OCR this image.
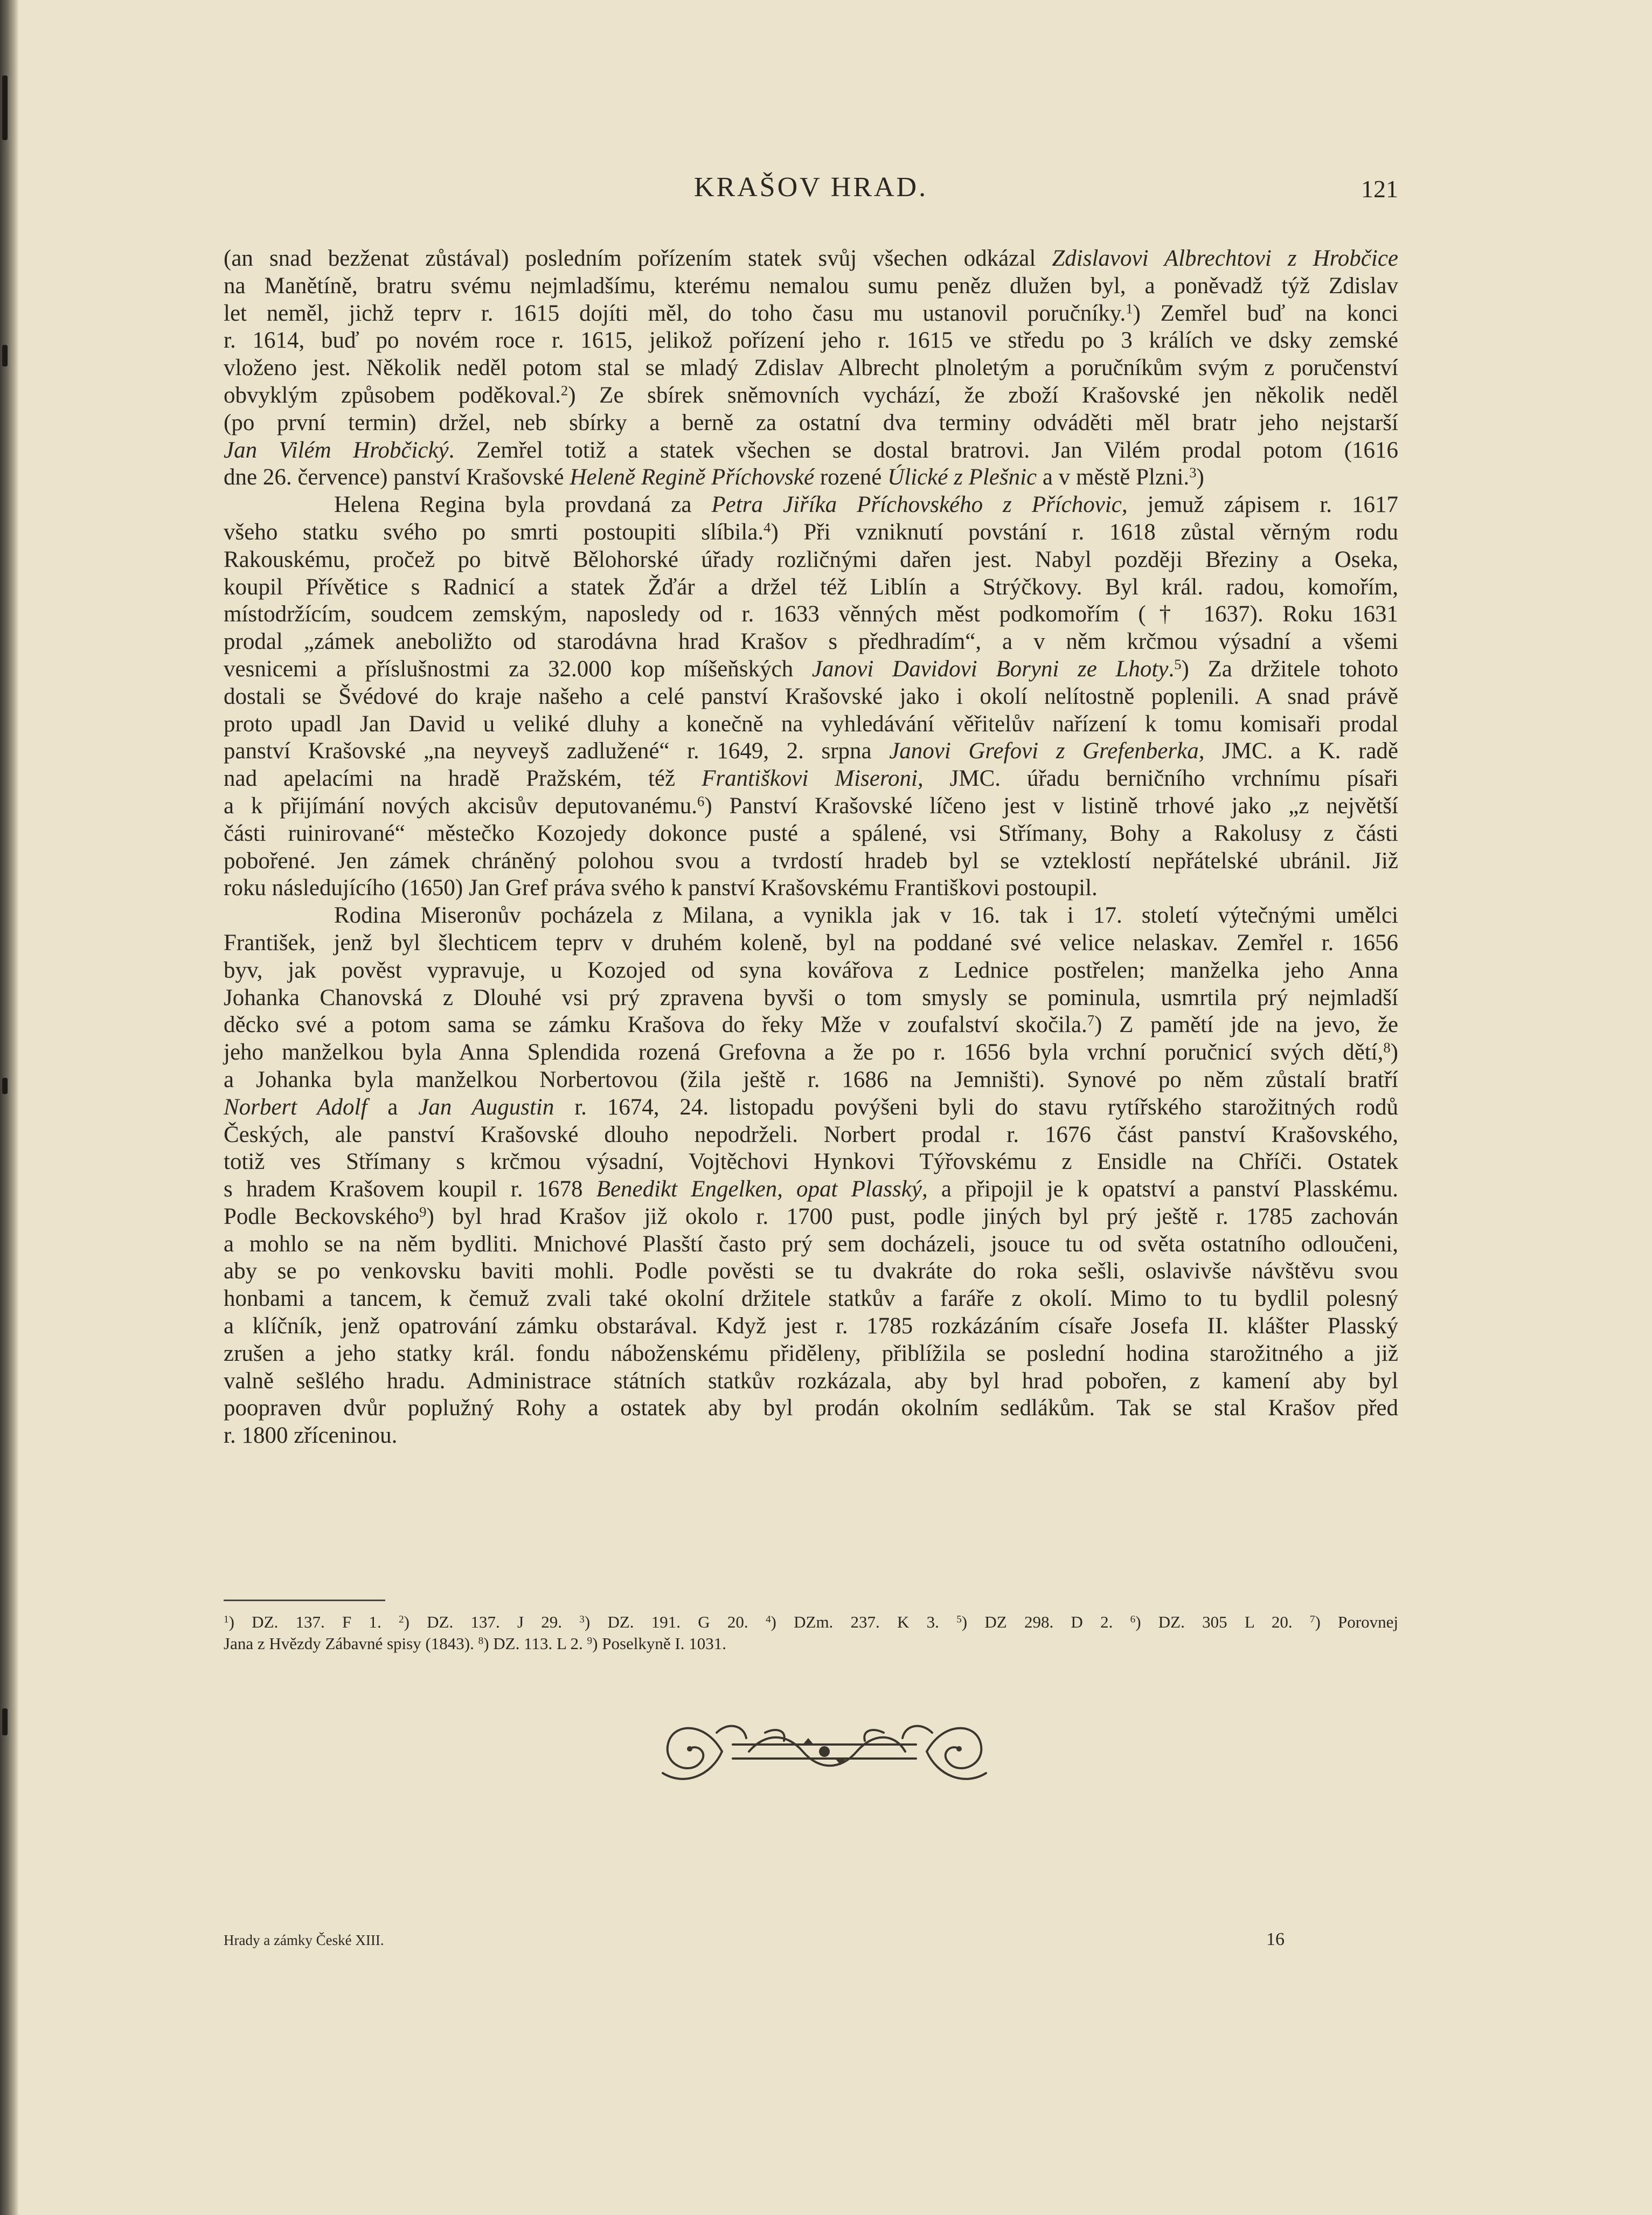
KRAŠOV HRAD.	121

(an snad bezženat zůstával) posledním pořízením statek svůj všechen odkázal Zdislavovi Albrechtovi z Hrobčice

na Manětíně, bratru svému nejmladšímu, kterému nemalou sumu peněz dlužen byl, a poněvadž týž Zdislav

let neměl, jichž teprv r. 1615 dojíti měl, do toho času mu ustanovil poručníky.$^1$) Zemřel buď na konci

r. 1614, buď po novém roce r. 1615, jelikož pořízení jeho r. 1615 ve středu po 3 králích ve dsky zemské

vloženo jest. Několik neděl potom stal se mladý Zdislav Albrecht plnoletým a poručníkům svým z poručenství

obvyklým způsobem poděkoval.$^2$) Ze sbírek sněmovních vychází, že zboží Krašovské jen několik neděl

(po první termin) držel, neb sbírky a berně za ostatní dva terminy odváděti měl bratr jeho nejstarší

Jan Vilém Hrobčický. Zemřel totiž a statek všechen se dostal bratrovi. Jan Vilém prodal potom (1616

dne 26. července) panství Krašovské Heleně Regině Příchovské rozené Úlické z Plešnic a v městě Plzni.$^3$)

Helena Regina byla provdaná za Petra Jiříka Příchovského z Příchovic, jemuž zápisem r. 1617

všeho statku svého po smrti postoupiti slíbila.$^4$) Při vzniknutí povstání r. 1618 zůstal věrným rodu

Rakouskému, pročež po bitvě Bělohorské úřady rozličnými dařen jest. Nabyl později Březiny a Oseka,

koupil Přívětice s Radnicí a statek Žďár a držel též Liblín a Strýčkovy. Byl král. radou, komořím,

místodržícím, soudcem zemským, naposledy od r. 1633 věnných měst podkomořím († 1637). Roku 1631

prodal „zámek aneboližto od starodávna hrad Krašov s předhradím“, a v něm krčmou výsadní a všemi

vesnicemi a příslušnostmi za 32.000 kop míšeňských Janovi Davidovi Boryni ze Lhoty.$^5$) Za držitele tohoto

dostali se Švédové do kraje našeho a celé panství Krašovské jako i okolí nelítostně poplenili. A snad právě

proto upadl Jan David u veliké dluhy a konečně na vyhledávání věřitelův nařízení k tomu komisaři prodal

panství Krašovské „na neyveyš zadlužené“ r. 1649, 2. srpna Janovi Grefovi z Grefenberka, JMC. a K. radě

nad apelacími na hradě Pražském, též Františkovi Miseroni, JMC. úřadu berničního vrchnímu písaři

a k přijímání nových akcisův deputovanému.$^6$) Panství Krašovské líčeno jest v listině trhové jako „z největší

části ruinirované“ městečko Kozojedy dokonce pusté a spálené, vsi Střímany, Bohy a Rakolusy z části

pobořené. Jen zámek chráněný polohou svou a tvrdostí hradeb byl se vzteklostí nepřátelské ubránil. Již

roku následujícího (1650) Jan Gref práva svého k panství Krašovskému Františkovi postoupil.

Rodina Miseronův pocházela z Milana, a vynikla jak v 16. tak i 17. století výtečnými umělci

František, jenž byl šlechticem teprv v druhém koleně, byl na poddané své velice nelaskav. Zemřel r. 1656

byv, jak pověst vypravuje, u Kozojed od syna kovářova z Lednice postřelen; manželka jeho Anna

Johanka Chanovská z Dlouhé vsi prý zpravena byvši o tom smysly se pominula, usmrtila prý nejmladší

děcko své a potom sama se zámku Krašova do řeky Mže v zoufalství skočila.$^7$) Z pamětí jde na jevo, že

jeho manželkou byla Anna Splendida rozená Grefovna a že po r. 1656 byla vrchní poručnicí svých dětí,$^8$)

a Johanka byla manželkou Norbertovou (žila ještě r. 1686 na Jemništi). Synové po něm zůstalí bratří

Norbert Adolf a Jan Augustin r. 1674, 24. listopadu povýšeni byli do stavu rytířského starožitných rodů

Českých, ale panství Krašovské dlouho nepodrželi. Norbert prodal r. 1676 část panství Krašovského,

totiž ves Střímany s krčmou výsadní, Vojtěchovi Hynkovi Týřovskému z Ensidle na Chříči. Ostatek

s hradem Krašovem koupil r. 1678 Benedikt Engelken, opat Plasský, a připojil je k opatství a panství Plasskému.

Podle Beckovského$^9$) byl hrad Krašov již okolo r. 1700 pust, podle jiných byl prý ještě r. 1785 zachován

a mohlo se na něm bydliti. Mnichové Plasští často prý sem docházeli, jsouce tu od světa ostatního odloučeni,

aby se po venkovsku baviti mohli. Podle pověsti se tu dvakráte do roka sešli, oslavivše návštěvu svou

honbami a tancem, k čemuž zvali také okolní držitele statkův a faráře z okolí. Mimo to tu bydlil polesný

a klíčník, jenž opatrování zámku obstarával. Když jest r. 1785 rozkázáním císaře Josefa II. klášter Plasský

zrušen a jeho statky král. fondu náboženskému přiděleny, přiblížila se poslední hodina starožitného a již

valně sešlého hradu. Administrace státních statkův rozkázala, aby byl hrad pobořen, z kamení aby byl

poopraven dvůr poplužný Rohy a ostatek aby byl prodán okolním sedlákům. Tak se stal Krašov před

r. 1800 zříceninou.

$^1$) DZ. 137. F 1. $^2$) DZ. 137. J 29. $^3$) DZ. 191. G 20. $^4$) DZm. 237. K 3. $^5$) DZ 298. D 2. $^6$) DZ. 305 L 20. $^7$) Porovnej

Jana z Hvězdy Zábavné spisy (1843). $^8$) DZ. 113. L 2. $^9$) Poselkyně I. 1031.

Hrady a zámky České XIII.	16
